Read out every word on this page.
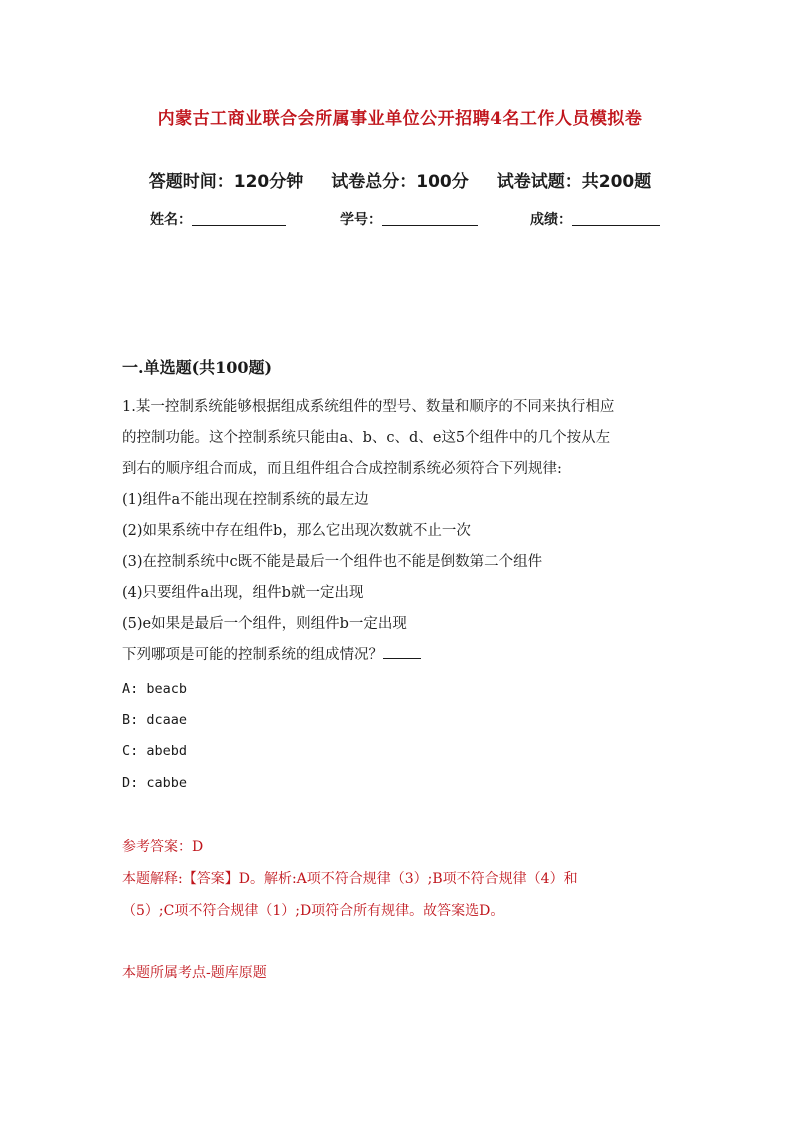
内蒙古工商业联合会所属事业单位公开招聘4名工作人员模拟卷
答题时间：120分钟 试卷总分：100分 试卷试题：共200题
姓名：	学号：	成绩：
一.单选题(共100题)
1.某一控制系统能够根据组成系统组件的型号、数量和顺序的不同来执行相应
的控制功能。这个控制系统只能由a、b、c、d、e这5个组件中的几个按从左
到右的顺序组合而成，而且组件组合合成控制系统必须符合下列规律:
(1)组件a不能出现在控制系统的最左边
(2)如果系统中存在组件b，那么它出现次数就不止一次
(3)在控制系统中c既不能是最后一个组件也不能是倒数第二个组件
(4)只要组件a出现，组件b就一定出现
(5)e如果是最后一个组件，则组件b一定出现
下列哪项是可能的控制系统的组成情况？
A: beacb
B: dcaae
C: abebd
D: cabbe
参考答案：D
本题解释:【答案】D。解析:A项不符合规律（3）;B项不符合规律（4）和
（5）;C项不符合规律（1）;D项符合所有规律。故答案选D。
本题所属考点-题库原题
